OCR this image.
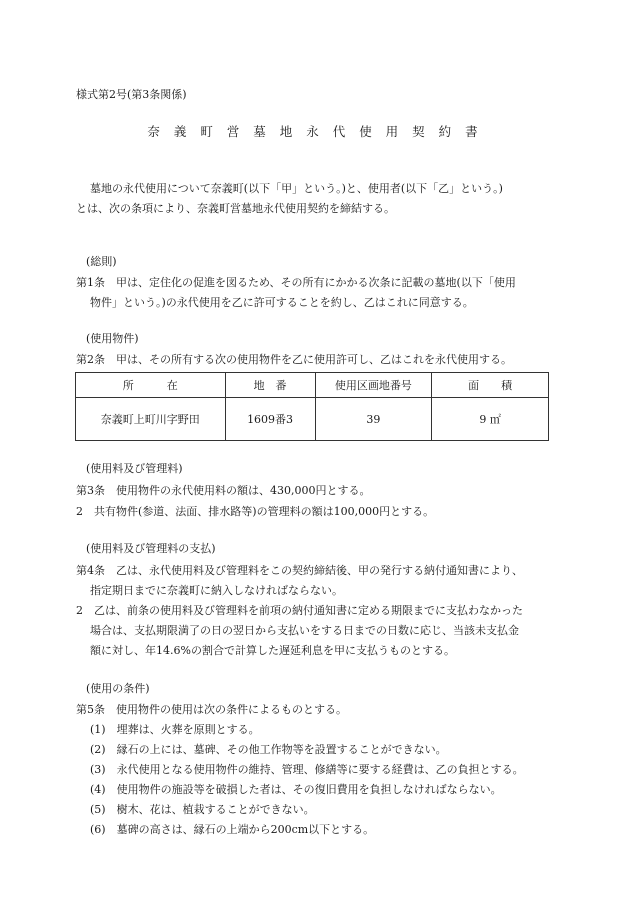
様式第2号(第3条関係)
奈 義 町 営 墓 地 永 代 使 用 契 約 書
墓地の永代使用について奈義町(以下「甲」という。)と、使用者(以下「乙」という。)
とは、次の条項により、奈義町営墓地永代使用契約を締結する。
(総則)
第1条　甲は、定住化の促進を図るため、その所有にかかる次条に記載の墓地(以下「使用
物件」という。)の永代使用を乙に許可することを約し、乙はこれに同意する。
(使用物件)
第2条　甲は、その所有する次の使用物件を乙に使用許可し、乙はこれを永代使用する。
所　　　在	地　番	使用区画地番号	面　　積
奈義町上町川字野田	1609番3	39	9 ㎡
(使用料及び管理料)
第3条　使用物件の永代使用料の額は、430,000円とする。
2　共有物件(参道、法面、排水路等)の管理料の額は100,000円とする。
(使用料及び管理料の支払)
第4条　乙は、永代使用料及び管理料をこの契約締結後、甲の発行する納付通知書により、
指定期日までに奈義町に納入しなければならない。
2　乙は、前条の使用料及び管理料を前項の納付通知書に定める期限までに支払わなかった
場合は、支払期限満了の日の翌日から支払いをする日までの日数に応じ、当該未支払金
額に対し、年14.6%の割合で計算した遅延利息を甲に支払うものとする。
(使用の条件)
第5条　使用物件の使用は次の条件によるものとする。
(1)　埋葬は、火葬を原則とする。
(2)　縁石の上には、墓碑、その他工作物等を設置することができない。
(3)　永代使用となる使用物件の維持、管理、修繕等に要する経費は、乙の負担とする。
(4)　使用物件の施設等を破損した者は、その復旧費用を負担しなければならない。
(5)　樹木、花は、植栽することができない。
(6)　墓碑の高さは、縁石の上端から200cm以下とする。
